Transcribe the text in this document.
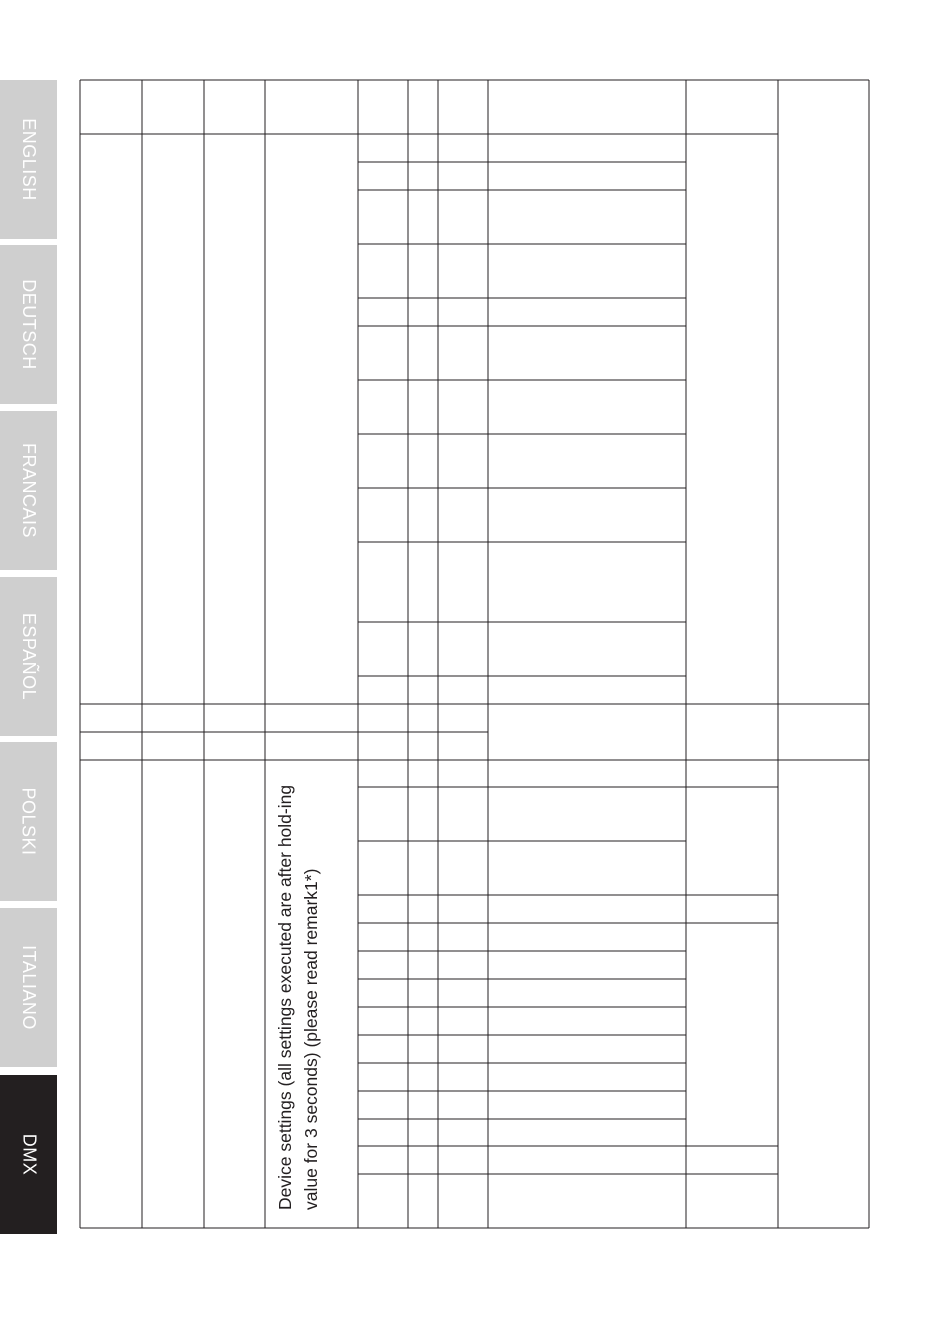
ENGLISH
DEUTSCH
FRANCAIS
ESPAÑOL
POLSKI
ITALIANO
DMX	Device settings (all settings executed are after hold-ing value for 3 seconds) (please read remark1*)
